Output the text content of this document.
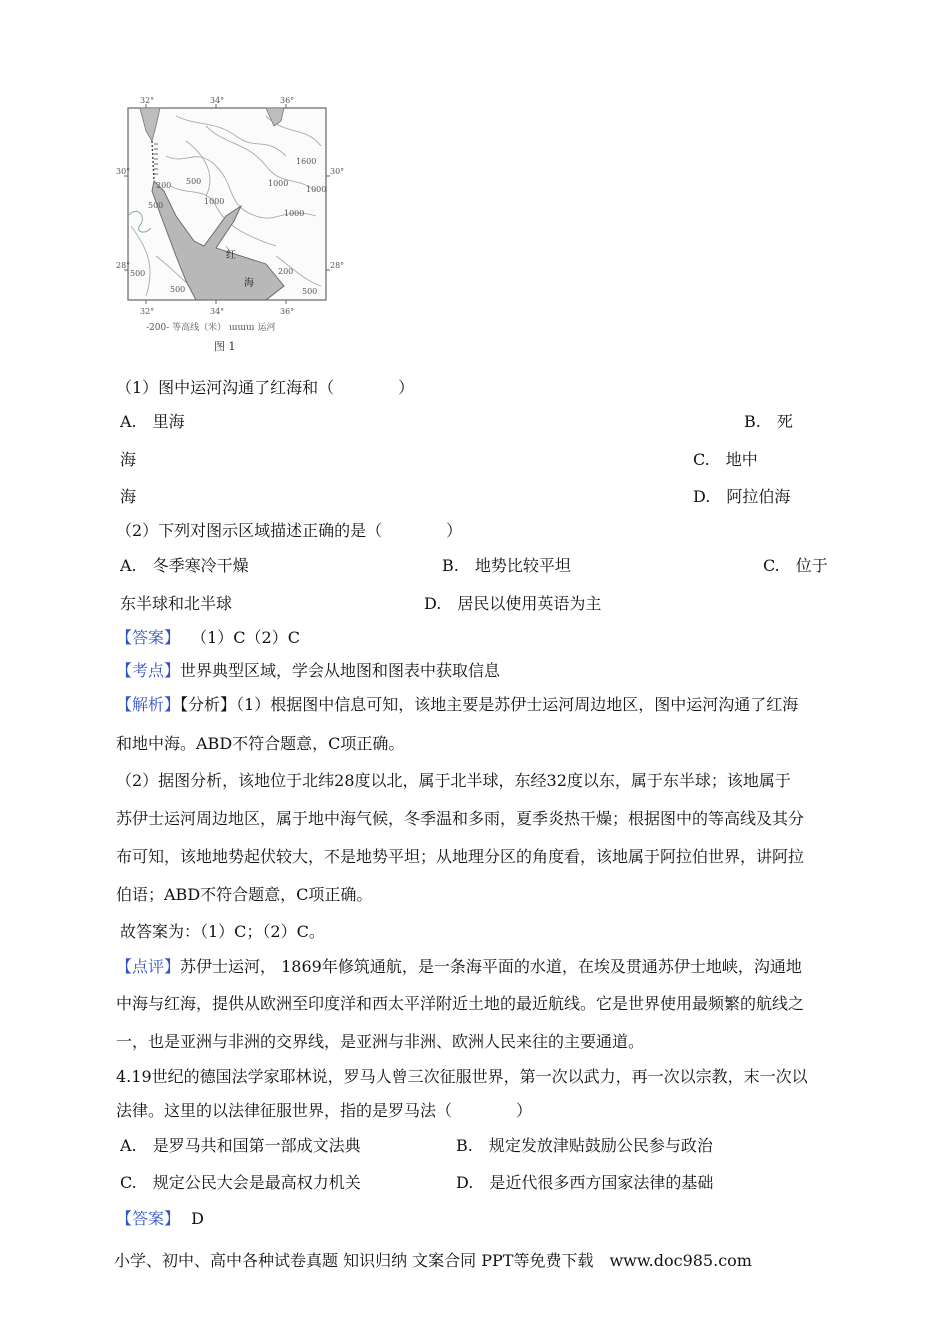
32°	34°	36°
32°	34°	36°
30°
28°
30°
28°
500
1000
1000
1000
1600
1000
500
200
500
500
200
500
红
海
-200- 等高线（米） ɯɯɯ 运河
图 1
（1）图中运河沟通了红海和（　　　　）
A.　里海	B.　死
海	C.　地中
海	D.　阿拉伯海
（2）下列对图示区域描述正确的是（　　　　）
A.　冬季寒冷干燥	B.　地势比较平坦	C.　位于
东半球和北半球	D.　居民以使用英语为主
【答案】 （1）C（2）C
【考点】世界典型区域，学会从地图和图表中获取信息
【解析】【分析】（1）根据图中信息可知，该地主要是苏伊士运河周边地区，图中运河沟通了红海
和地中海。ABD不符合题意，C项正确。
（2）据图分析，该地位于北纬28度以北，属于北半球，东经32度以东，属于东半球；该地属于
苏伊士运河周边地区，属于地中海气候，冬季温和多雨，夏季炎热干燥；根据图中的等高线及其分
布可知，该地地势起伏较大，不是地势平坦；从地理分区的角度看，该地属于阿拉伯世界，讲阿拉
伯语；ABD不符合题意，C项正确。
故答案为：（1）C；（2）C。
【点评】苏伊士运河， 1869年修筑通航，是一条海平面的水道，在埃及贯通苏伊士地峡，沟通地
中海与红海，提供从欧洲至印度洋和西太平洋附近土地的最近航线。它是世界使用最频繁的航线之
一，也是亚洲与非洲的交界线，是亚洲与非洲、欧洲人民来往的主要通道。
4.19世纪的德国法学家耶林说，罗马人曾三次征服世界，第一次以武力，再一次以宗教，末一次以
法律。这里的以法律征服世界，指的是罗马法（　　　　）
A.　是罗马共和国第一部成文法典	B.　规定发放津贴鼓励公民参与政治
C.　规定公民大会是最高权力机关	D.　是近代很多西方国家法律的基础
【答案】 D
小学、初中、高中各种试卷真题 知识归纳 文案合同 PPT等免费下载　www.doc985.com
